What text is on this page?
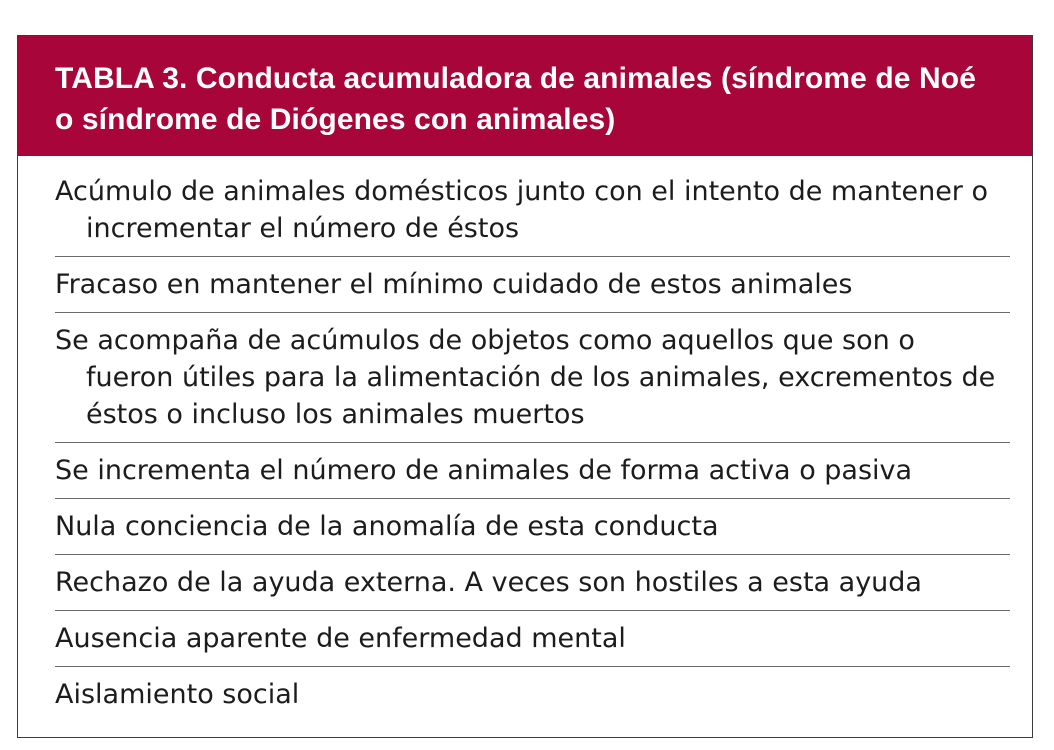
TABLA 3. Conducta acumuladora de animales (síndrome de Noé o síndrome de Diógenes con animales)
Acúmulo de animales domésticos junto con el intento de mantener o incrementar el número de éstos
Fracaso en mantener el mínimo cuidado de estos animales
Se acompaña de acúmulos de objetos como aquellos que son o fueron útiles para la alimentación de los animales, excrementos de éstos o incluso los animales muertos
Se incrementa el número de animales de forma activa o pasiva
Nula conciencia de la anomalía de esta conducta
Rechazo de la ayuda externa. A veces son hostiles a esta ayuda
Ausencia aparente de enfermedad mental
Aislamiento social
